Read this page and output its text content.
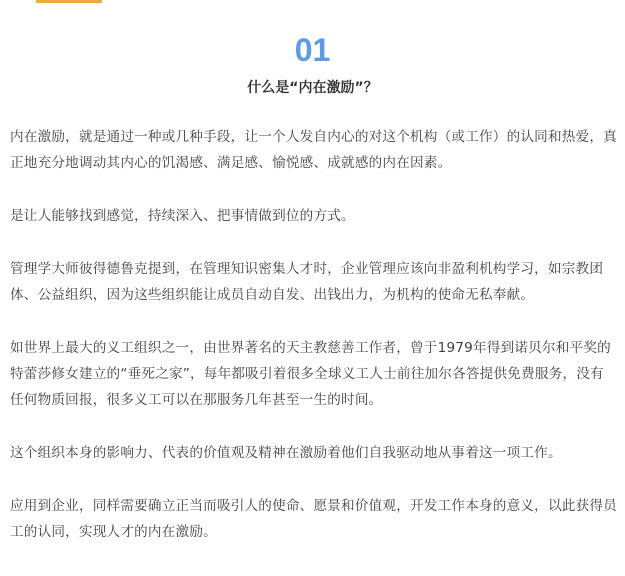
01
什么是“内在激励”？

内在激励，就是通过一种或几种手段，让一个人发自内心的对这个机构（或工作）的认同和热爱，真正地充分地调动其内心的饥渴感、满足感、愉悦感、成就感的内在因素。

是让人能够找到感觉，持续深入、把事情做到位的方式。

管理学大师彼得德鲁克提到，在管理知识密集人才时，企业管理应该向非盈利机构学习，如宗教团体、公益组织，因为这些组织能让成员自动自发、出钱出力，为机构的使命无私奉献。

如世界上最大的义工组织之一，由世界著名的天主教慈善工作者，曾于1979年得到诺贝尔和平奖的特蕾莎修女建立的“垂死之家”，每年都吸引着很多全球义工人士前往加尔各答提供免费服务，没有任何物质回报，很多义工可以在那服务几年甚至一生的时间。

这个组织本身的影响力、代表的价值观及精神在激励着他们自我驱动地从事着这一项工作。

应用到企业，同样需要确立正当而吸引人的使命、愿景和价值观，开发工作本身的意义，以此获得员工的认同，实现人才的内在激励。
